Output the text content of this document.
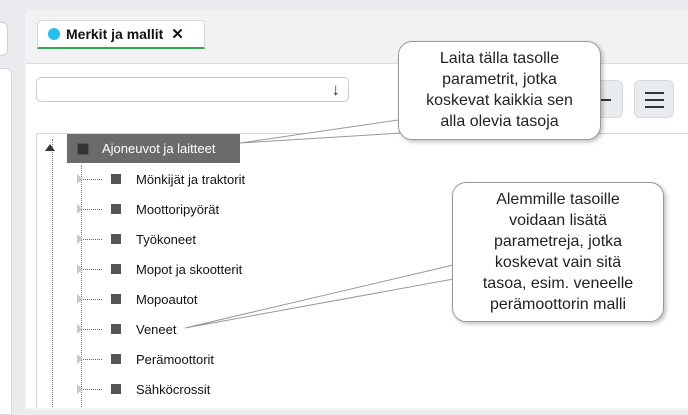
Merkit ja mallit ✕
↓
Ajoneuvot ja laitteet
Mönkijät ja traktorit
Moottoripyörät
Työkoneet
Mopot ja skootterit
Mopoautot
Veneet
Perämoottorit
Sähköcrossit
Laita tälla tasolle
parametrit, jotka
koskevat kaikkia sen
alla olevia tasoja
Alemmille tasoille
voidaan lisätä
parametreja, jotka
koskevat vain sitä
tasoa, esim. veneelle
perämoottorin malli
